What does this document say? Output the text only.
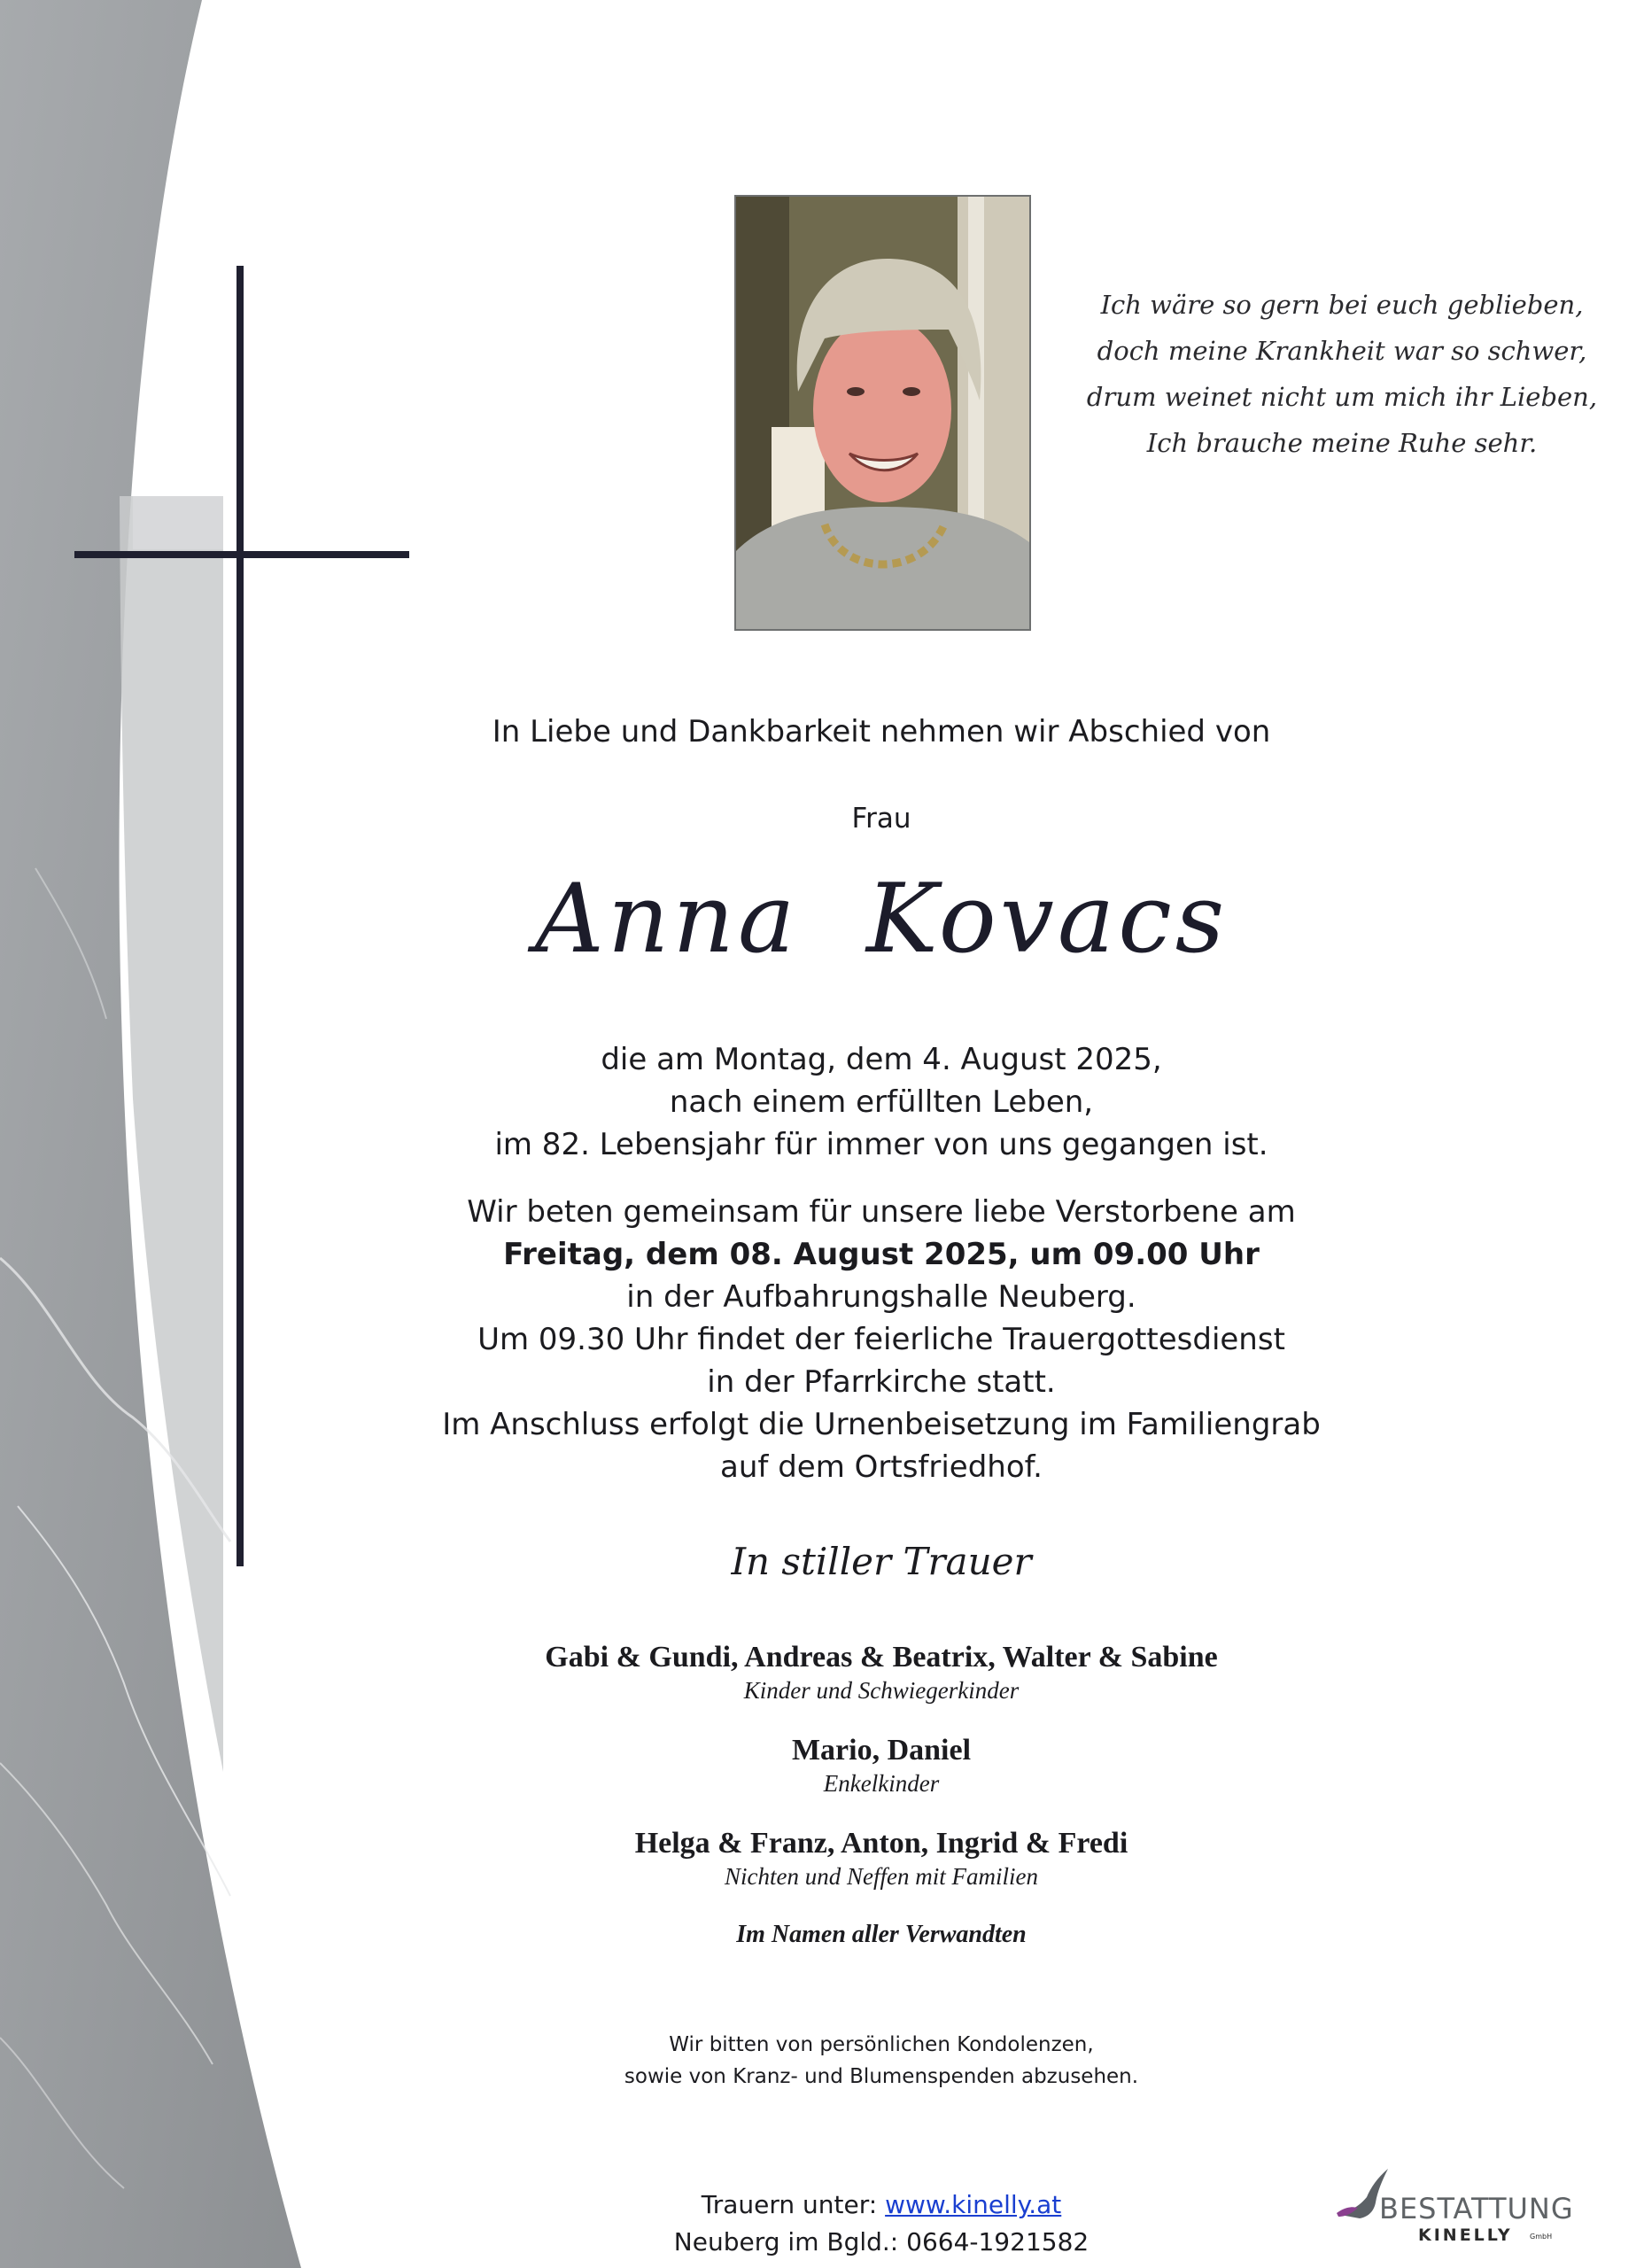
Ich wäre so gern bei euch geblieben,
doch meine Krankheit war so schwer,
drum weinet nicht um mich ihr Lieben,
Ich brauche meine Ruhe sehr.
In Liebe und Dankbarkeit nehmen wir Abschied von
Frau
Anna  Kovacs
die am Montag, dem 4. August 2025,
nach einem erfüllten Leben,
im 82. Lebensjahr für immer von uns gegangen ist.
Wir beten gemeinsam für unsere liebe Verstorbene am
Freitag, dem 08. August 2025, um 09.00 Uhr
in der Aufbahrungshalle Neuberg.
Um 09.30 Uhr findet der feierliche Trauergottesdienst
in der Pfarrkirche statt.
Im Anschluss erfolgt die Urnenbeisetzung im Familiengrab
auf dem Ortsfriedhof.
In stiller Trauer
Gabi & Gundi, Andreas & Beatrix, Walter & Sabine
Kinder und Schwiegerkinder
Mario, Daniel
Enkelkinder
Helga & Franz, Anton, Ingrid & Fredi
Nichten und Neffen mit Familien
Im Namen aller Verwandten
Wir bitten von persönlichen Kondolenzen,
sowie von Kranz- und Blumenspenden abzusehen.
Trauern unter: www.kinelly.at
Neuberg im Bgld.: 0664-1921582
BESTATTUNG
KINELLY GmbH
